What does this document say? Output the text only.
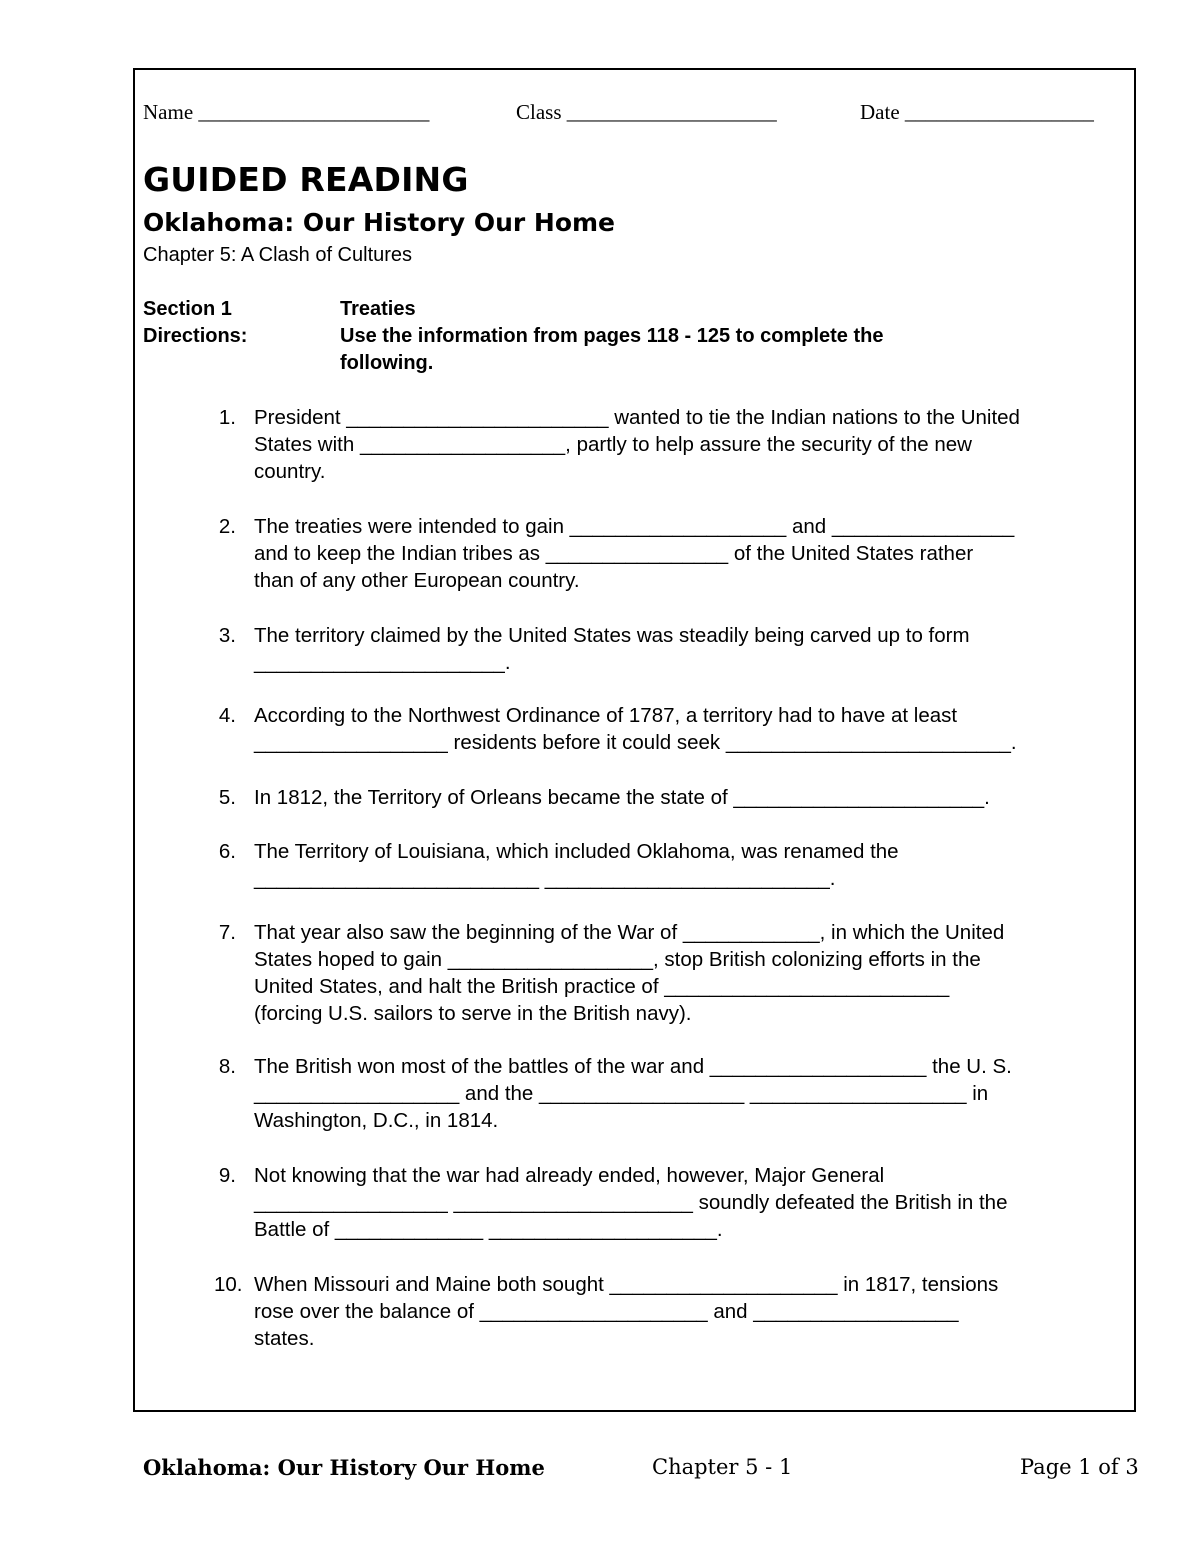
Name ______________________	Class ____________________	Date __________________
GUIDED READING
Oklahoma: Our History Our Home
Chapter 5: A Clash of Cultures
Section 1	Treaties
Directions:	Use the information from pages 118 - 125 to complete the
following.
1. President _______________________ wanted to tie the Indian nations to the United
States with __________________, partly to help assure the security of the new
country.
2. The treaties were intended to gain ___________________ and ________________
and to keep the Indian tribes as ________________ of the United States rather
than of any other European country.
3. The territory claimed by the United States was steadily being carved up to form
______________________.
4. According to the Northwest Ordinance of 1787, a territory had to have at least
_________________ residents before it could seek _________________________.
5. In 1812, the Territory of Orleans became the state of ______________________.
6. The Territory of Louisiana, which included Oklahoma, was renamed the
_________________________ _________________________.
7. That year also saw the beginning of the War of ____________, in which the United
States hoped to gain __________________, stop British colonizing efforts in the
United States, and halt the British practice of _________________________
(forcing U.S. sailors to serve in the British navy).
8. The British won most of the battles of the war and ___________________ the U. S.
__________________ and the __________________ ___________________ in
Washington, D.C., in 1814.
9. Not knowing that the war had already ended, however, Major General
_________________ _____________________ soundly defeated the British in the
Battle of _____________ ____________________.
10. When Missouri and Maine both sought ____________________ in 1817, tensions
rose over the balance of ____________________ and __________________
states.
Oklahoma: Our History Our Home	Chapter 5 - 1	Page 1 of 3
